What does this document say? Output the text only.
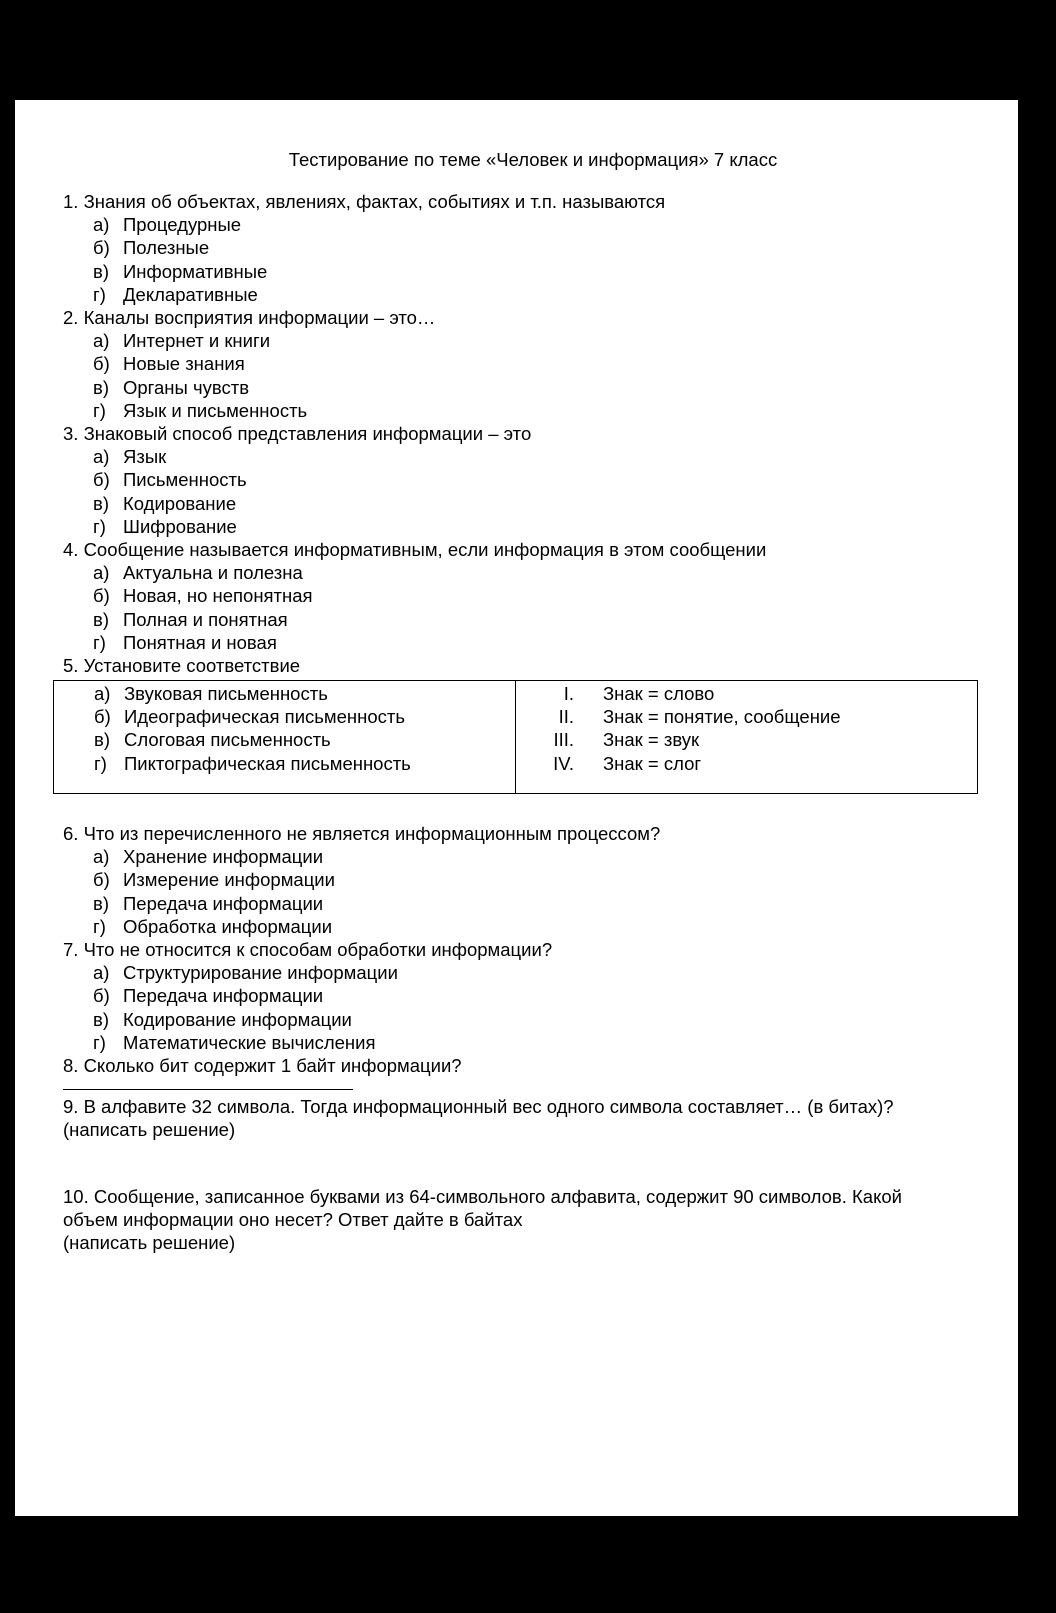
Тестирование по теме «Человек и информация» 7 класс
1. Знания об объектах, явлениях, фактах, событиях и т.п. называются
а) Процедурные
б) Полезные
в) Информативные
г) Декларативные
2. Каналы восприятия информации – это…
а) Интернет и книги
б) Новые знания
в) Органы чувств
г) Язык и письменность
3. Знаковый способ представления информации – это
а) Язык
б) Письменность
в) Кодирование
г) Шифрование
4. Сообщение называется информативным, если информация в этом сообщении
а) Актуальна и полезна
б) Новая, но непонятная
в) Полная и понятная
г) Понятная и новая
5. Установите соответствие
а) Звуковая письменность
б) Идеографическая письменность
в) Слоговая письменность
г) Пиктографическая письменность
I. Знак = слово
II. Знак = понятие, сообщение
III. Знак = звук
IV. Знак = слог
6. Что из перечисленного не является информационным процессом?
а) Хранение информации
б) Измерение информации
в) Передача информации
г) Обработка информации
7. Что не относится к способам обработки информации?
а) Структурирование информации
б) Передача информации
в) Кодирование информации
г) Математические вычисления
8. Сколько бит содержит 1 байт информации?
9. В алфавите 32 символа. Тогда информационный вес одного символа составляет… (в битах)?
(написать решение)
10. Сообщение, записанное буквами из 64-символьного алфавита, содержит 90 символов. Какой объем информации оно несет? Ответ дайте в байтах
(написать решение)
